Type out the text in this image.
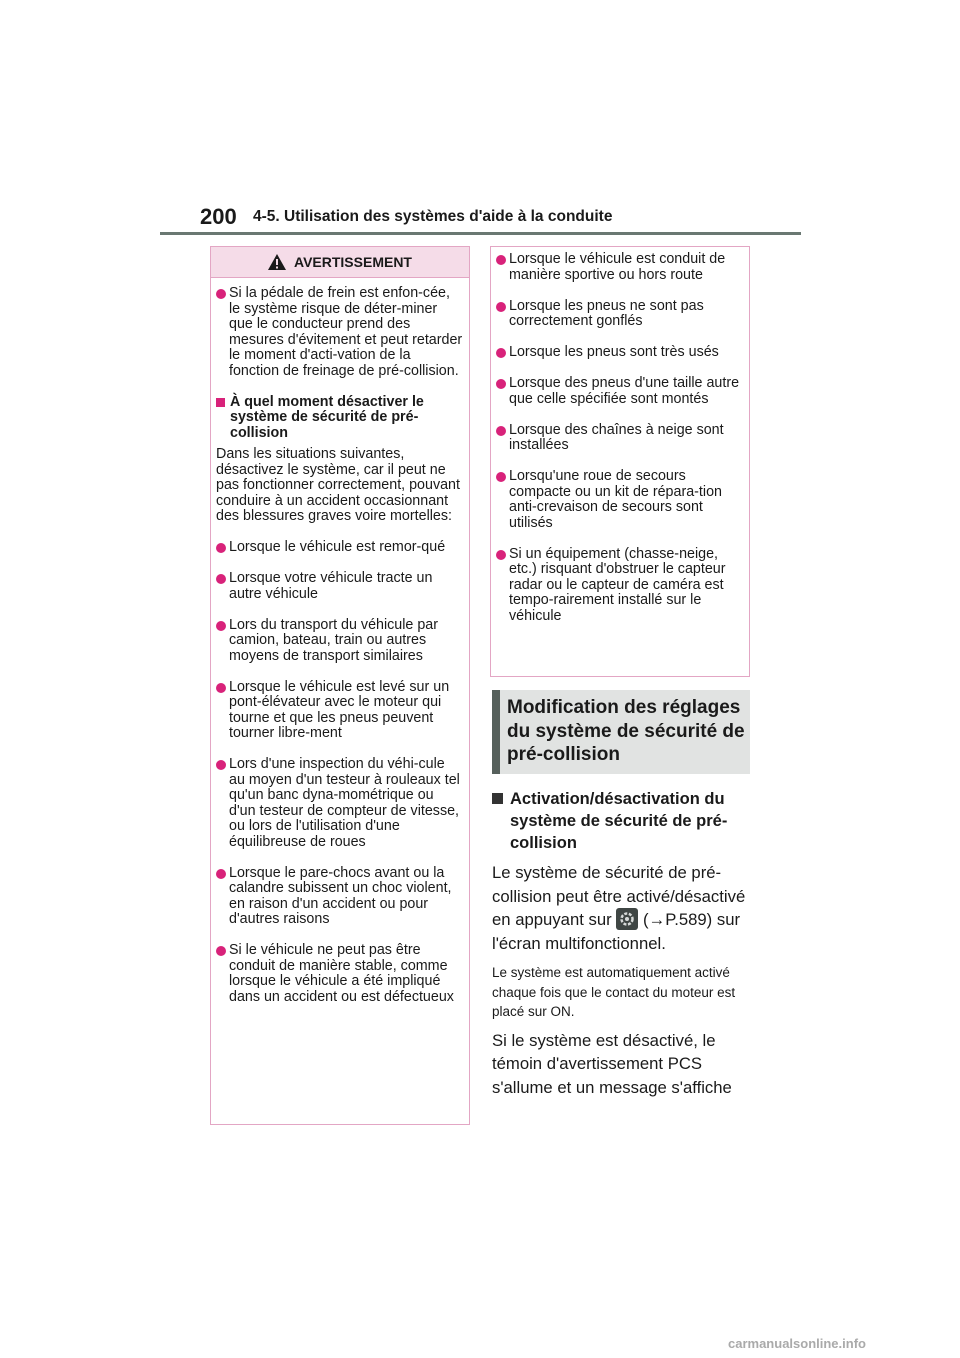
200 4-5. Utilisation des systèmes d'aide à la conduite
AVERTISSEMENT
Si la pédale de frein est enfon-cée, le système risque de déter-miner que le conducteur prend des mesures d'évitement et peut retarder le moment d'acti-vation de la fonction de freinage de pré-collision.
À quel moment désactiver le système de sécurité de pré-collision
Dans les situations suivantes, désactivez le système, car il peut ne pas fonctionner correctement, pouvant conduire à un accident occasionnant des blessures graves voire mortelles:
Lorsque le véhicule est remor-qué
Lorsque votre véhicule tracte un autre véhicule
Lors du transport du véhicule par camion, bateau, train ou autres moyens de transport similaires
Lorsque le véhicule est levé sur un pont-élévateur avec le moteur qui tourne et que les pneus peuvent tourner libre-ment
Lors d'une inspection du véhi-cule au moyen d'un testeur à rouleaux tel qu'un banc dyna-mométrique ou d'un testeur de compteur de vitesse, ou lors de l'utilisation d'une équilibreuse de roues
Lorsque le pare-chocs avant ou la calandre subissent un choc violent, en raison d'un accident ou pour d'autres raisons
Si le véhicule ne peut pas être conduit de manière stable, comme lorsque le véhicule a été impliqué dans un accident ou est défectueux
Lorsque le véhicule est conduit de manière sportive ou hors route
Lorsque les pneus ne sont pas correctement gonflés
Lorsque les pneus sont très usés
Lorsque des pneus d'une taille autre que celle spécifiée sont montés
Lorsque des chaînes à neige sont installées
Lorsqu'une roue de secours compacte ou un kit de répara-tion anti-crevaison de secours sont utilisés
Si un équipement (chasse-neige, etc.) risquant d'obstruer le capteur radar ou le capteur de caméra est tempo-rairement installé sur le véhicule
Modification des réglages du système de sécurité de pré-collision
Activation/désactivation du système de sécurité de pré-collision
Le système de sécurité de pré-collision peut être activé/désactivé en appuyant sur (→P.589) sur l'écran multifonctionnel.
Le système est automatiquement activé chaque fois que le contact du moteur est placé sur ON.
Si le système est désactivé, le témoin d'avertissement PCS s'allume et un message s'affiche
carmanualsonline.info
